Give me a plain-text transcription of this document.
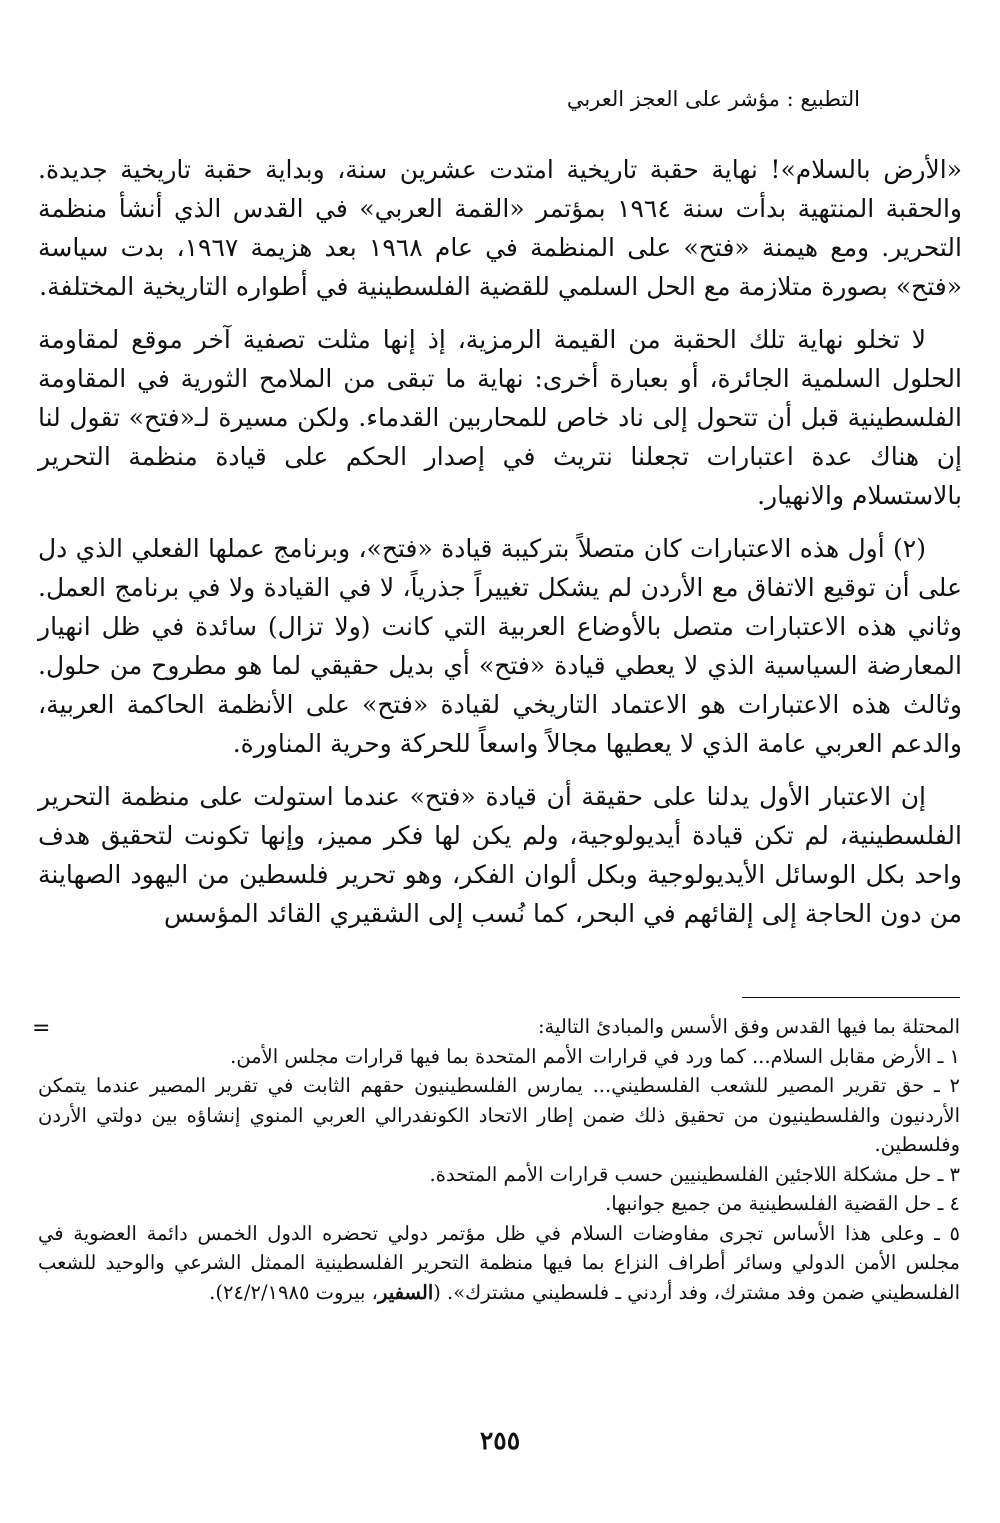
التطبيع : مؤشر على العجز العربي

«الأرض بالسلام»! نهاية حقبة تاريخية امتدت عشرين سنة، وبداية حقبة تاريخية جديدة. والحقبة المنتهية بدأت سنة ١٩٦٤ بمؤتمر «القمة العربي» في القدس الذي أنشأ منظمة التحرير. ومع هيمنة «فتح» على المنظمة في عام ١٩٦٨ بعد هزيمة ١٩٦٧، بدت سياسة «فتح» بصورة متلازمة مع الحل السلمي للقضية الفلسطينية في أطواره التاريخية المختلفة.

لا تخلو نهاية تلك الحقبة من القيمة الرمزية، إذ إنها مثلت تصفية آخر موقع لمقاومة الحلول السلمية الجائرة، أو بعبارة أخرى: نهاية ما تبقى من الملامح الثورية في المقاومة الفلسطينية قبل أن تتحول إلى ناد خاص للمحاربين القدماء. ولكن مسيرة لـ«فتح» تقول لنا إن هناك عدة اعتبارات تجعلنا نتريث في إصدار الحكم على قيادة منظمة التحرير بالاستسلام والانهيار.

(٢) أول هذه الاعتبارات كان متصلاً بتركيبة قيادة «فتح»، وبرنامج عملها الفعلي الذي دل على أن توقيع الاتفاق مع الأردن لم يشكل تغييراً جذرياً، لا في القيادة ولا في برنامج العمل. وثاني هذه الاعتبارات متصل بالأوضاع العربية التي كانت (ولا تزال) سائدة في ظل انهيار المعارضة السياسية الذي لا يعطي قيادة «فتح» أي بديل حقيقي لما هو مطروح من حلول. وثالث هذه الاعتبارات هو الاعتماد التاريخي لقيادة «فتح» على الأنظمة الحاكمة العربية، والدعم العربي عامة الذي لا يعطيها مجالاً واسعاً للحركة وحرية المناورة.

إن الاعتبار الأول يدلنا على حقيقة أن قيادة «فتح» عندما استولت على منظمة التحرير الفلسطينية، لم تكن قيادة أيديولوجية، ولم يكن لها فكر مميز، وإنها تكونت لتحقيق هدف واحد بكل الوسائل الأيديولوجية وبكل ألوان الفكر، وهو تحرير فلسطين من اليهود الصهاينة من دون الحاجة إلى إلقائهم في البحر، كما نُسب إلى الشقيري القائد المؤسس

=	المحتلة بما فيها القدس وفق الأسس والمبادئ التالية:

١ ـ الأرض مقابل السلام... كما ورد في قرارات الأمم المتحدة بما فيها قرارات مجلس الأمن.

٢ ـ حق تقرير المصير للشعب الفلسطيني... يمارس الفلسطينيون حقهم الثابت في تقرير المصير عندما يتمكن الأردنيون والفلسطينيون من تحقيق ذلك ضمن إطار الاتحاد الكونفدرالي العربي المنوي إنشاؤه بين دولتي الأردن وفلسطين.

٣ ـ حل مشكلة اللاجئين الفلسطينيين حسب قرارات الأمم المتحدة.

٤ ـ حل القضية الفلسطينية من جميع جوانبها.

٥ ـ وعلى هذا الأساس تجرى مفاوضات السلام في ظل مؤتمر دولي تحضره الدول الخمس دائمة العضوية في مجلس الأمن الدولي وسائر أطراف النزاع بما فيها منظمة التحرير الفلسطينية الممثل الشرعي والوحيد للشعب الفلسطيني ضمن وفد مشترك، وفد أردني ـ فلسطيني مشترك». (السفير، بيروت ٢٤/٢/١٩٨٥).

٢٥٥
